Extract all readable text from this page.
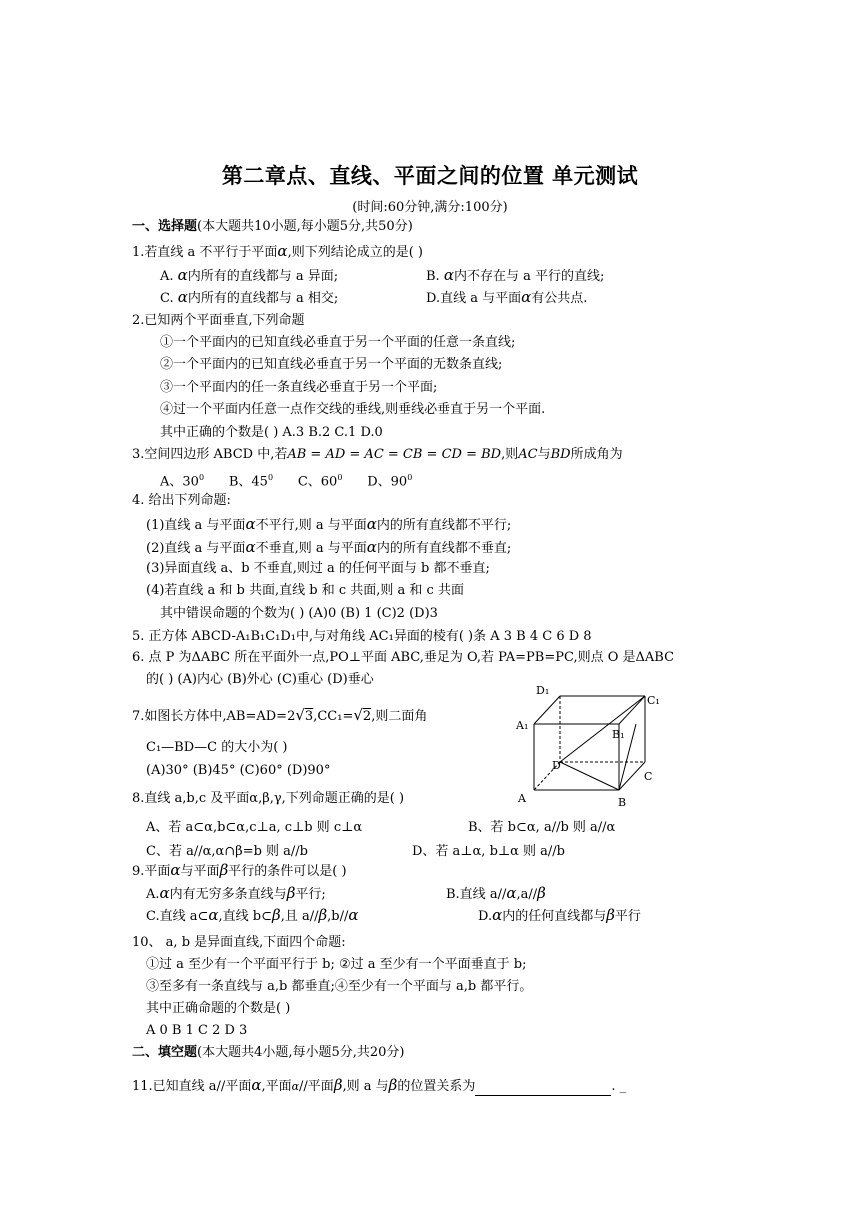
第二章点、直线、平面之间的位置 单元测试
(时间:60分钟,满分:100分)
一、选择题(本大题共10小题,每小题5分,共50分)
1.若直线 a 不平行于平面α,则下列结论成立的是( )
A. α内所有的直线都与 a 异面;	B. α内不存在与 a 平行的直线;
C. α内所有的直线都与 a 相交;	D.直线 a 与平面α有公共点.
2.已知两个平面垂直,下列命题
①一个平面内的已知直线必垂直于另一个平面的任意一条直线;
②一个平面内的已知直线必垂直于另一个平面的无数条直线;
③一个平面内的任一条直线必垂直于另一个平面;
④过一个平面内任意一点作交线的垂线,则垂线必垂直于另一个平面.
其中正确的个数是( ) A.3 B.2 C.1 D.0
3.空间四边形 ABCD 中,若AB = AD = AC = CB = CD = BD,则AC与BD所成角为
A、$30^0$ B、$45^0$ C、$60^0$ D、$90^0$
4. 给出下列命题:
(1)直线 a 与平面α不平行,则 a 与平面α内的所有直线都不平行;
(2)直线 a 与平面α不垂直,则 a 与平面α内的所有直线都不垂直;
(3)异面直线 a、b 不垂直,则过 a 的任何平面与 b 都不垂直;
(4)若直线 a 和 b 共面,直线 b 和 c 共面,则 a 和 c 共面
其中错误命题的个数为( ) (A)0 (B) 1 (C)2 (D)3
5. 正方体 ABCD-A₁B₁C₁D₁中,与对角线 AC₁异面的棱有( )条 A 3 B 4 C 6 D 8
6. 点 P 为ΔABC 所在平面外一点,PO⊥平面 ABC,垂足为 O,若 PA=PB=PC,则点 O 是ΔABC
的( ) (A)内心 (B)外心 (C)重心 (D)垂心
7.如图长方体中,AB=AD=2√3,CC₁=√2,则二面角
C₁—BD—C 的大小为( )
(A)30° (B)45° (C)60° (D)90°
D₁
C₁
A₁
B₁
D
C
A	B
8.直线 a,b,c 及平面α,β,γ,下列命题正确的是( )
A、若 a⊂α,b⊂α,c⊥a, c⊥b 则 c⊥α	B、若 b⊂α, a//b 则 a//α
C、若 a//α,α∩β=b 则 a//b	D、若 a⊥α, b⊥α 则 a//b
9.平面α与平面β平行的条件可以是( )
A.α内有无穷多条直线与β平行;	B.直线 a//α,a//β
C.直线 a⊂α,直线 b⊂β,且 a//β,b//α	D.α内的任何直线都与β平行
10、 a, b 是异面直线,下面四个命题:
①过 a 至少有一个平面平行于 b; ②过 a 至少有一个平面垂直于 b;
③至多有一条直线与 a,b 都垂直;④至少有一个平面与 a,b 都平行。
其中正确命题的个数是( )
A 0 B 1 C 2 D 3
二、填空题(本大题共4小题,每小题5分,共20分)
11.已知直线 a//平面α,平面α//平面β,则 a 与β的位置关系为	. _
